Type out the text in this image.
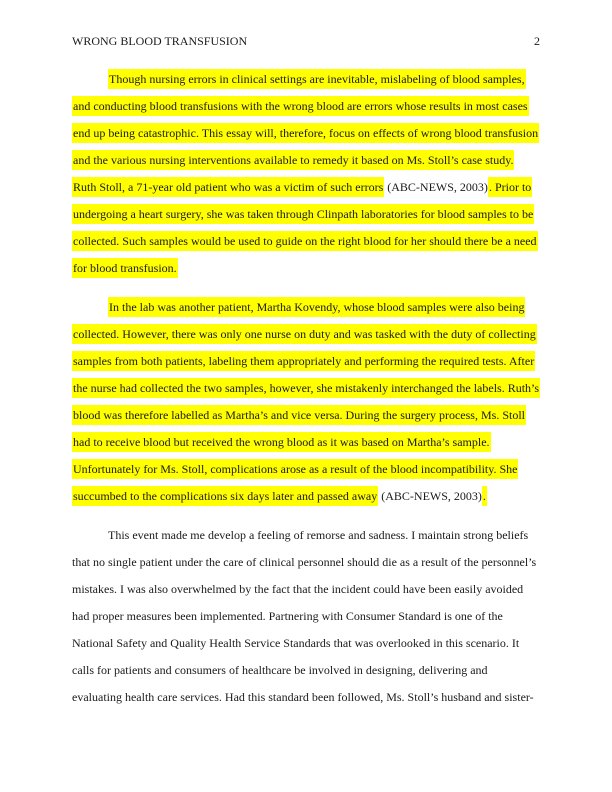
WRONG BLOOD TRANSFUSION	2
Though nursing errors in clinical settings are inevitable, mislabeling of blood samples,
and conducting blood transfusions with the wrong blood are errors whose results in most cases
end up being catastrophic. This essay will, therefore, focus on effects of wrong blood transfusion
and the various nursing interventions available to remedy it based on Ms. Stoll’s case study.
Ruth Stoll, a 71-year old patient who was a victim of such errors (ABC-NEWS, 2003). Prior to
undergoing a heart surgery, she was taken through Clinpath laboratories for blood samples to be
collected. Such samples would be used to guide on the right blood for her should there be a need
for blood transfusion.
In the lab was another patient, Martha Kovendy, whose blood samples were also being
collected. However, there was only one nurse on duty and was tasked with the duty of collecting
samples from both patients, labeling them appropriately and performing the required tests. After
the nurse had collected the two samples, however, she mistakenly interchanged the labels. Ruth’s
blood was therefore labelled as Martha’s and vice versa. During the surgery process, Ms. Stoll
had to receive blood but received the wrong blood as it was based on Martha’s sample.
Unfortunately for Ms. Stoll, complications arose as a result of the blood incompatibility. She
succumbed to the complications six days later and passed away (ABC-NEWS, 2003).
This event made me develop a feeling of remorse and sadness. I maintain strong beliefs
that no single patient under the care of clinical personnel should die as a result of the personnel’s
mistakes. I was also overwhelmed by the fact that the incident could have been easily avoided
had proper measures been implemented. Partnering with Consumer Standard is one of the
National Safety and Quality Health Service Standards that was overlooked in this scenario. It
calls for patients and consumers of healthcare be involved in designing, delivering and
evaluating health care services. Had this standard been followed, Ms. Stoll’s husband and sister-
